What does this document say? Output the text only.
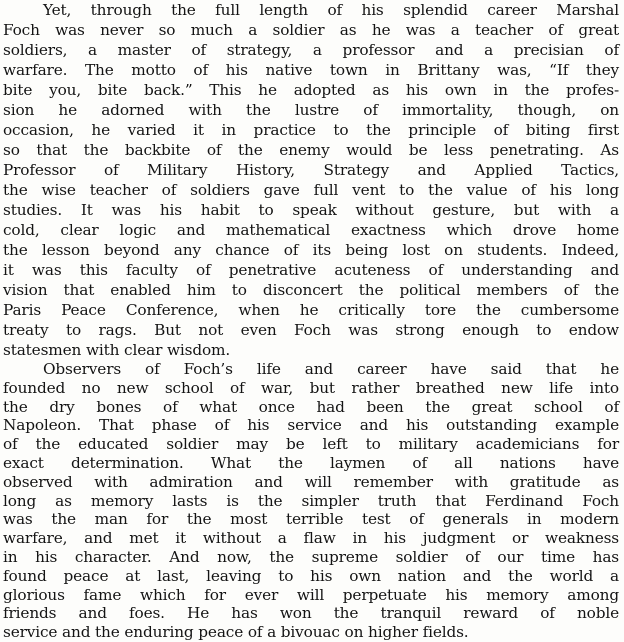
Yet, through the full length of his splendid career Marshal

Foch was never so much a soldier as he was a teacher of great

soldiers, a master of strategy, a professor and a precisian of

warfare. The motto of his native town in Brittany was, “If they

bite you, bite back.” This he adopted as his own in the profes-

sion he adorned with the lustre of immortality, though, on

occasion, he varied it in practice to the principle of biting first

so that the backbite of the enemy would be less penetrating. As

Professor of Military History, Strategy and Applied Tactics,

the wise teacher of soldiers gave full vent to the value of his long

studies. It was his habit to speak without gesture, but with a

cold, clear logic and mathematical exactness which drove home

the lesson beyond any chance of its being lost on students. Indeed,

it was this faculty of penetrative acuteness of understanding and

vision that enabled him to disconcert the political members of the

Paris Peace Conference, when he critically tore the cumbersome

treaty to rags. But not even Foch was strong enough to endow

statesmen with clear wisdom.

Observers of Foch’s life and career have said that he

founded no new school of war, but rather breathed new life into

the dry bones of what once had been the great school of

Napoleon. That phase of his service and his outstanding example

of the educated soldier may be left to military academicians for

exact determination. What the laymen of all nations have

observed with admiration and will remember with gratitude as

long as memory lasts is the simpler truth that Ferdinand Foch

was the man for the most terrible test of generals in modern

warfare, and met it without a flaw in his judgment or weakness

in his character. And now, the supreme soldier of our time has

found peace at last, leaving to his own nation and the world a

glorious fame which for ever will perpetuate his memory among

friends and foes. He has won the tranquil reward of noble

service and the enduring peace of a bivouac on higher fields.
